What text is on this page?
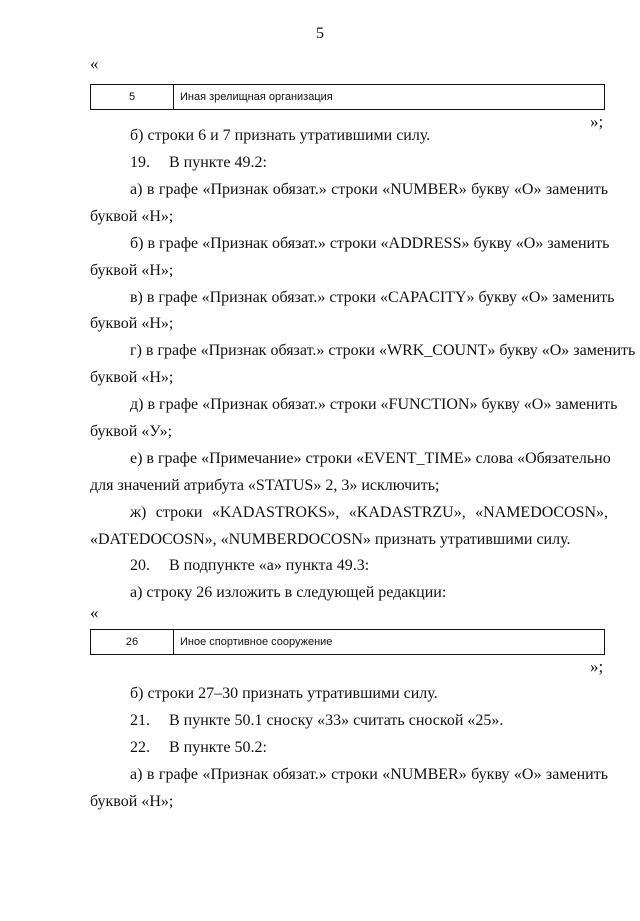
5
«
5	Иная зрелищная организация
»;
б) строки 6 и 7 признать утратившими силу.
19. В пункте 49.2:
а) в графе «Признак обязат.» строки «NUMBER» букву «О» заменить
буквой «Н»;
б) в графе «Признак обязат.» строки «ADDRESS» букву «О» заменить
буквой «Н»;
в) в графе «Признак обязат.» строки «CAPACITY» букву «О» заменить
буквой «Н»;
г) в графе «Признак обязат.» строки «WRK_COUNT» букву «О» заменить
буквой «Н»;
д) в графе «Признак обязат.» строки «FUNCTION» букву «О» заменить
буквой «У»;
е) в графе «Примечание» строки «EVENT_TIME» слова «Обязательно
для значений атрибута «STATUS» 2, 3» исключить;
ж) строки «KADASTROKS», «KADASTRZU», «NAMEDOCOSN»,
«DATEDOCOSN», «NUMBERDOCOSN» признать утратившими силу.
20. В подпункте «а» пункта 49.3:
а) строку 26 изложить в следующей редакции:
«
26	Иное спортивное сооружение
»;
б) строки 27–30 признать утратившими силу.
21. В пункте 50.1 сноску «33» считать сноской «25».
22. В пункте 50.2:
а) в графе «Признак обязат.» строки «NUMBER» букву «О» заменить
буквой «Н»;
